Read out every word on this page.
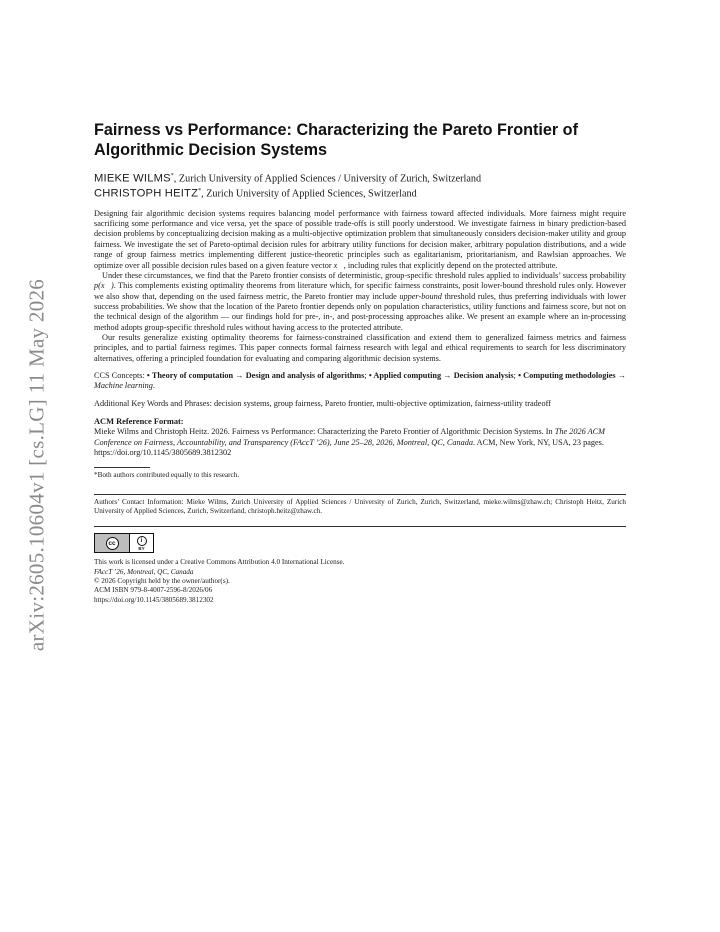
arXiv:2605.10604v1 [cs.LG] 11 May 2026
Fairness vs Performance: Characterizing the Pareto Frontier of
Algorithmic Decision Systems

MIEKE WILMS*, Zurich University of Applied Sciences / University of Zurich, Switzerland

CHRISTOPH HEITZ*, Zurich University of Applied Sciences, Switzerland

Designing fair algorithmic decision systems requires balancing model performance with fairness toward affected individuals. More fairness might require sacrificing some performance and vice versa, yet the space of possible trade-offs is still poorly understood. We investigate fairness in binary prediction-based decision problems by conceptualizing decision making as a multi-objective optimization problem that simultaneously considers decision-maker utility and group fairness. We investigate the set of Pareto-optimal decision rules for arbitrary utility functions for decision maker, arbitrary population distributions, and a wide range of group fairness metrics implementing different justice-theoretic principles such as egalitarianism, prioritarianism, and Rawlsian approaches. We optimize over all possible decision rules based on a given feature vector x⃗, including rules that explicitly depend on the protected attribute.

Under these circumstances, we find that the Pareto frontier consists of deterministic, group-specific threshold rules applied to individuals’ success probability p(x⃗). This complements existing optimality theorems from literature which, for specific fairness constraints, posit lower-bound threshold rules only. However we also show that, depending on the used fairness metric, the Pareto frontier may include upper-bound threshold rules, thus preferring individuals with lower success probabilities. We show that the location of the Pareto frontier depends only on population characteristics, utility functions and fairness score, but not on the technical design of the algorithm — our findings hold for pre-, in-, and post-processing approaches alike. We present an example where an in-processing method adopts group-specific threshold rules without having access to the protected attribute.

Our results generalize existing optimality theorems for fairness-constrained classification and extend them to generalized fairness metrics and fairness principles, and to partial fairness regimes. This paper connects formal fairness research with legal and ethical requirements to search for less discriminatory alternatives, offering a principled foundation for evaluating and comparing algorithmic decision systems.

CCS Concepts: • Theory of computation → Design and analysis of algorithms; • Applied computing → Decision analysis; • Computing methodologies → Machine learning.
Additional Key Words and Phrases: decision systems, group fairness, Pareto frontier, multi-objective optimization, fairness-utility tradeoff
ACM Reference Format:

Mieke Wilms and Christoph Heitz. 2026. Fairness vs Performance: Characterizing the Pareto Frontier of Algorithmic Decision Systems. In The 2026 ACM Conference on Fairness, Accountability, and Transparency (FAccT ’26), June 25–28, 2026, Montreal, QC, Canada. ACM, New York, NY, USA, 23 pages. https://doi.org/10.1145/3805689.3812302

*Both authors contributed equally to this research.
Authors’ Contact Information: Mieke Wilms, Zurich University of Applied Sciences / University of Zurich, Zurich, Switzerland, mieke.wilms@zhaw.ch; Christoph Heitz, Zurich University of Applied Sciences, Zurich, Switzerland, christoph.heitz@zhaw.ch.
cc	i
BY
This work is licensed under a Creative Commons Attribution 4.0 International License.
FAccT ’26, Montreal, QC, Canada
© 2026 Copyright held by the owner/author(s).
ACM ISBN 979-8-4007-2596-8/2026/06
https://doi.org/10.1145/3805689.3812302
